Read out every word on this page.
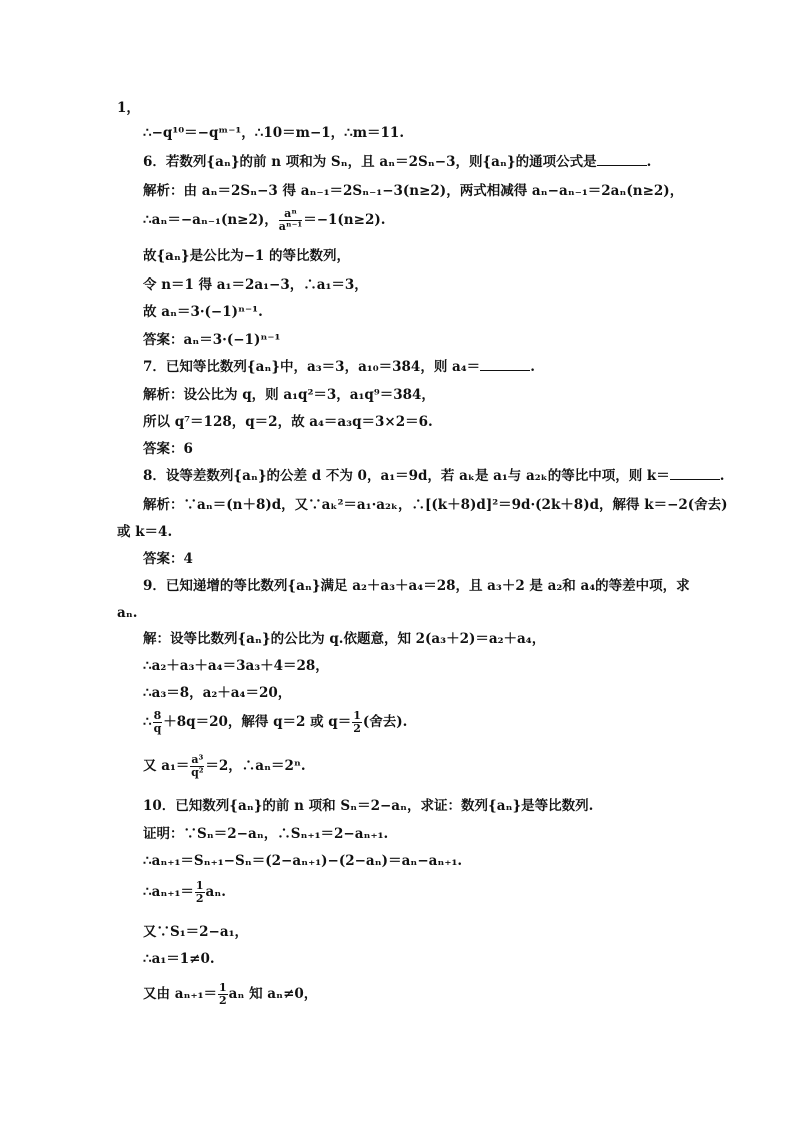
1，
∴−q¹⁰＝−qᵐ⁻¹，∴10＝m−1，∴m＝11.
6．若数列{aₙ}的前 n 项和为 Sₙ，且 aₙ＝2Sₙ−3，则{aₙ}的通项公式是	.
解析：由 aₙ＝2Sₙ−3 得 aₙ₋₁＝2Sₙ₋₁−3(n≥2)，两式相减得 aₙ−aₙ₋₁＝2aₙ(n≥2)，
∴aₙ＝−aₙ₋₁(n≥2)， $\frac{\text{aⁿ}}{\text{aⁿ⁻¹}} =-1(n\ge 2)$.
故{aₙ}是公比为−1 的等比数列，
令 n＝1 得 a₁＝2a₁−3，∴a₁＝3，
故 aₙ＝3·(−1)ⁿ⁻¹.
答案：aₙ＝3·(−1)ⁿ⁻¹
7．已知等比数列{aₙ}中，a₃＝3，a₁₀＝384，则 a₄＝	.
解析：设公比为 q，则 a₁q²＝3，a₁q⁹＝384，
所以 q⁷＝128，q＝2，故 a₄＝a₃q＝3×2＝6.
答案：6
8．设等差数列{aₙ}的公差 d 不为 0，a₁＝9d，若 aₖ是 a₁与 a₂ₖ的等比中项，则 k＝	.
解析：∵aₙ＝(n＋8)d，又∵aₖ²＝a₁·a₂ₖ，∴[(k＋8)d]²＝9d·(2k＋8)d，解得 k＝−2(舍去)
或 k＝4.
答案：4
9．已知递增的等比数列{aₙ}满足 a₂＋a₃＋a₄＝28，且 a₃＋2 是 a₂和 a₄的等差中项，求
aₙ.
解：设等比数列{aₙ}的公比为 q.依题意，知 2(a₃＋2)＝a₂＋a₄，
∴a₂＋a₃＋a₄＝3a₃＋4＝28，
∴a₃＝8，a₂＋a₄＝20，
∴ $\frac{8}{q} +8q=20$，解得 q＝2 或 $q= \frac{1}{2}$ (舍去).
又 $a_1= \frac{\text{a³}}{\text{q²}} =2$，∴aₙ＝2ⁿ.
10．已知数列{aₙ}的前 n 项和 Sₙ＝2−aₙ，求证：数列{aₙ}是等比数列.
证明：∵Sₙ＝2−aₙ，∴Sₙ₊₁＝2−aₙ₊₁.
∴aₙ₊₁＝Sₙ₊₁−Sₙ＝(2−aₙ₊₁)−(2−aₙ)＝aₙ−aₙ₊₁.
∴aₙ₊₁＝ $\frac{1}{2} a_n$.
又∵S₁＝2−a₁，
∴a₁＝1≠0.
又由 $a_{n+1}= \frac{1}{2}$ aₙ 知 aₙ≠0，
